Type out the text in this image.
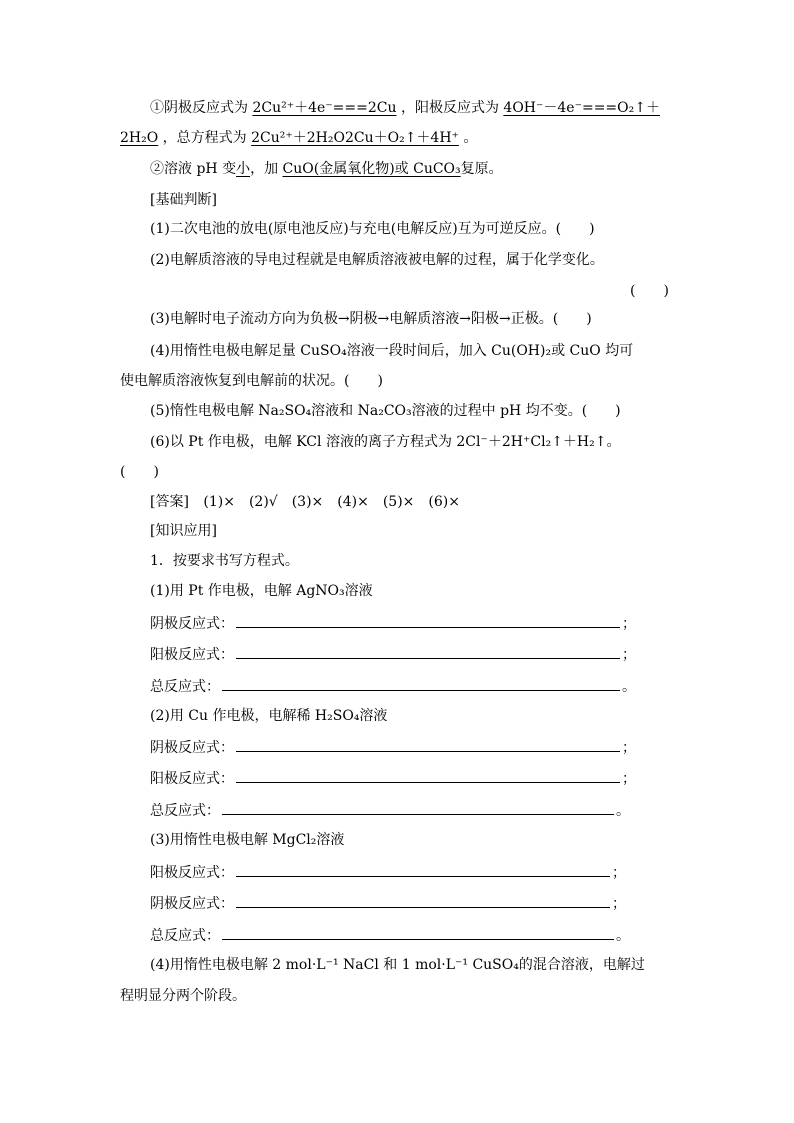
①阴极反应式为 2Cu²⁺＋4e⁻===2Cu ，阳极反应式为 4OH⁻－4e⁻===O₂↑＋
2H₂O ，总方程式为 2Cu²⁺＋2H₂O2Cu＋O₂↑＋4H⁺ 。
②溶液 pH 变小，加 CuO(金属氧化物)或 CuCO₃复原。
[基础判断]
(1)二次电池的放电(原电池反应)与充电(电解反应)互为可逆反应。(　　)
(2)电解质溶液的导电过程就是电解质溶液被电解的过程，属于化学变化。
(　　)
(3)电解时电子流动方向为负极→阴极→电解质溶液→阳极→正极。(　　)
(4)用惰性电极电解足量 CuSO₄溶液一段时间后，加入 Cu(OH)₂或 CuO 均可
使电解质溶液恢复到电解前的状况。(　　)
(5)惰性电极电解 Na₂SO₄溶液和 Na₂CO₃溶液的过程中 pH 均不变。(　　)
(6)以 Pt 作电极，电解 KCl 溶液的离子方程式为 2Cl⁻＋2H⁺Cl₂↑＋H₂↑。
(　　)
[答案] (1)×　(2)√　(3)×　(4)×　(5)×　(6)×
[知识应用]
1．按要求书写方程式。
(1)用 Pt 作电极，电解 AgNO₃溶液
阴极反应式：	；
阳极反应式：	；
总反应式：	。
(2)用 Cu 作电极，电解稀 H₂SO₄溶液
阴极反应式：	；
阳极反应式：	；
总反应式：	。
(3)用惰性电极电解 MgCl₂溶液
阳极反应式：	；
阴极反应式：	；
总反应式：	。
(4)用惰性电极电解 2 mol·L⁻¹ NaCl 和 1 mol·L⁻¹ CuSO₄的混合溶液，电解过
程明显分两个阶段。
